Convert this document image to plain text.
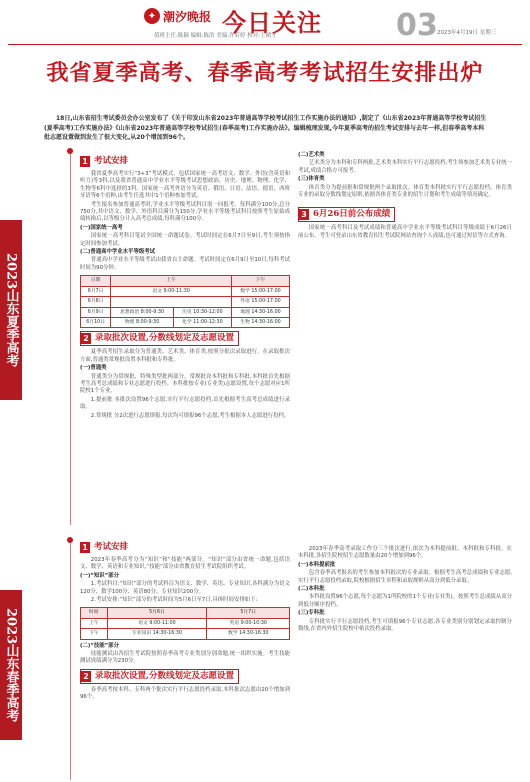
✦ 潮汐晚报 今日关注
值班主任:陈颖 编辑:陈浩 美编:许若婷 校对:王晴才	03 2023年4月19日 星期三
我省夏季高考、春季高考考试招生安排出炉
18日,山东省招生考试委员会办公室发布了《关于印发山东省2023年普通高等学校考试招生工作实施办法的通知》,制定了《山东省2023年普通高等学校考试招生(夏季高考)工作实施办法》《山东省2023年普通高等学校考试招生(春季高考)工作实施办法》。编辑梳理发现,今年夏季高考的招生考试安排与去年一样,但春季高考本科批志愿设置做到发生了很大变化,从20个增加到96个。
2023山东夏季高考
2023山东春季高考
1 考试安排

我省夏季高考实行“3+3”考试模式。包括国家统一高考语文、数学、外语(含英语和听力)等3科,以及我省普通高中学业水平等级考试思想政治、历史、地理、物理、化学、生物等6科中选择的3科。国家统一高考外语分为英语、俄语、日语、法语、德语、西班牙语等6个语种,由考生任选其中1个语种参加考试。

考生报名参加普通高考时,学业水平等级考试科目需一同报考。每科满分100分,总分750分,其中语文、数学、外语科目满分为150分,学业水平等级考试科目按照考生原始成绩转换后,以等级分计入高考总成绩,每科满分100分。

(一)国家统一高考

国家统一高考科目笔试全国统一命题试卷。考试时间定在6月7日至9日,考生须按指定时间参加考试。

(二)普通高中学业水平等级考试

普通高中学业水平等级考试由我省自主命题。考试时间定在6月9日至10日,每科考试时间为90分钟。

日期	上午		下午
6月7日	语文 9:00-11:30		数学 15:00-17:00
6月8日			外语 15:00-17:00
6月9日	思想政治 8:00-9:30	历史 10:30-12:00	地理 14:30-16:00
6月10日	物理 8:00-9:30	化学 11:00-12:30	生物 14:30-16:00
2 录取批次设置,分数线划定及志愿设置

夏季高考招生录取分为普通类、艺术类、体育类,按照分批次录取进行。在录取批次方面,普通类常规批设置本科批和专科批。

(一)普通类

普通类分为常规批、特殊类型批两部分。常规批设本科批和专科批,本科批首先根据考生高考总成绩和专业志愿进行投档。本科批按专业(专业类)志愿设置,每个志愿对应1所院校1个专业。

1.提前批 本批次设置96个志愿,实行平行志愿投档,首先根据考生高考总成绩进行录取。

2.常规批 分2次进行志愿填报,每次均可填报96个志愿,考生根据本人志愿进行投档。

(二)艺术类

艺术类分为本科和专科两批,艺术类本科实行平行志愿投档,考生须参加艺术类专业统一考试,成绩合格方可报考。

(三)体育类

体育类分为提前批和常规批两个录取批次。体育类本科批实行平行志愿投档。体育类专业的录取分数线划定原则,依据各体育类专业的招生计划和考生成绩等情况确定。

3 6月26日前公布成绩

国家统一高考科目及考试成绩和普通高中学业水平等级考试科目等级成绩于6月26日前公布。考生可登录山东省教育招生考试院网站查询个人成绩,也可通过短信等方式查询。

1 考试安排

2023年春季高考分为“知识”和“技能”两部分。“知识”部分由省统一命题,包括语文、数学、英语和专业知识,“技能”部分由省教育招生考试院组织考试。

(一)“知识”部分

1.考试科目:“知识”部分的考试科目为语文、数学、英语、专业知识,各科满分为语文120分、数学100分、英语80分、专业知识200分。

2.考试安排:“知识”部分的考试时间为5月6日至7日,具体时间安排如下:

时间	5月6日	5月7日
上午	语文 9:00-11:00	英语 9:00-10:30
下午	专业知识 14:30-16:30	数学 14:30-16:30

(二)“技能”部分

技能测试由各招生考试院按照春季高考专业类别分别命题,统一组织实施。考生技能测试成绩满分为230分。

2 录取批次设置,分数线划定及志愿设置

春季高考按本科、专科两个批次实行平行志愿投档录取,本科批次志愿由20个增加到96个。

2023年春季高考录取工作分三个批次进行,依次为本科提前批、本科批和专科批。在本科批,各招生院校招生志愿数量由20个增加到96个。

(一)本科提前批

包含春季高考报名的考生参加本科批次的专业录取。根据考生高考总成绩和专业志愿,实行平行志愿投档录取,院校根据招生章程和录取规则从高分到低分录取。

(二)本科批

本科批设置96个志愿,每个志愿为1所院校的1个专业(专业类)。按照考生总成绩从高分到低分顺序投档。

(三)专科批

专科批实行平行志愿投档,考生可填报96个专业志愿,各专业类别分别划定录取控制分数线,在省内外招生院校中依次投档录取。
